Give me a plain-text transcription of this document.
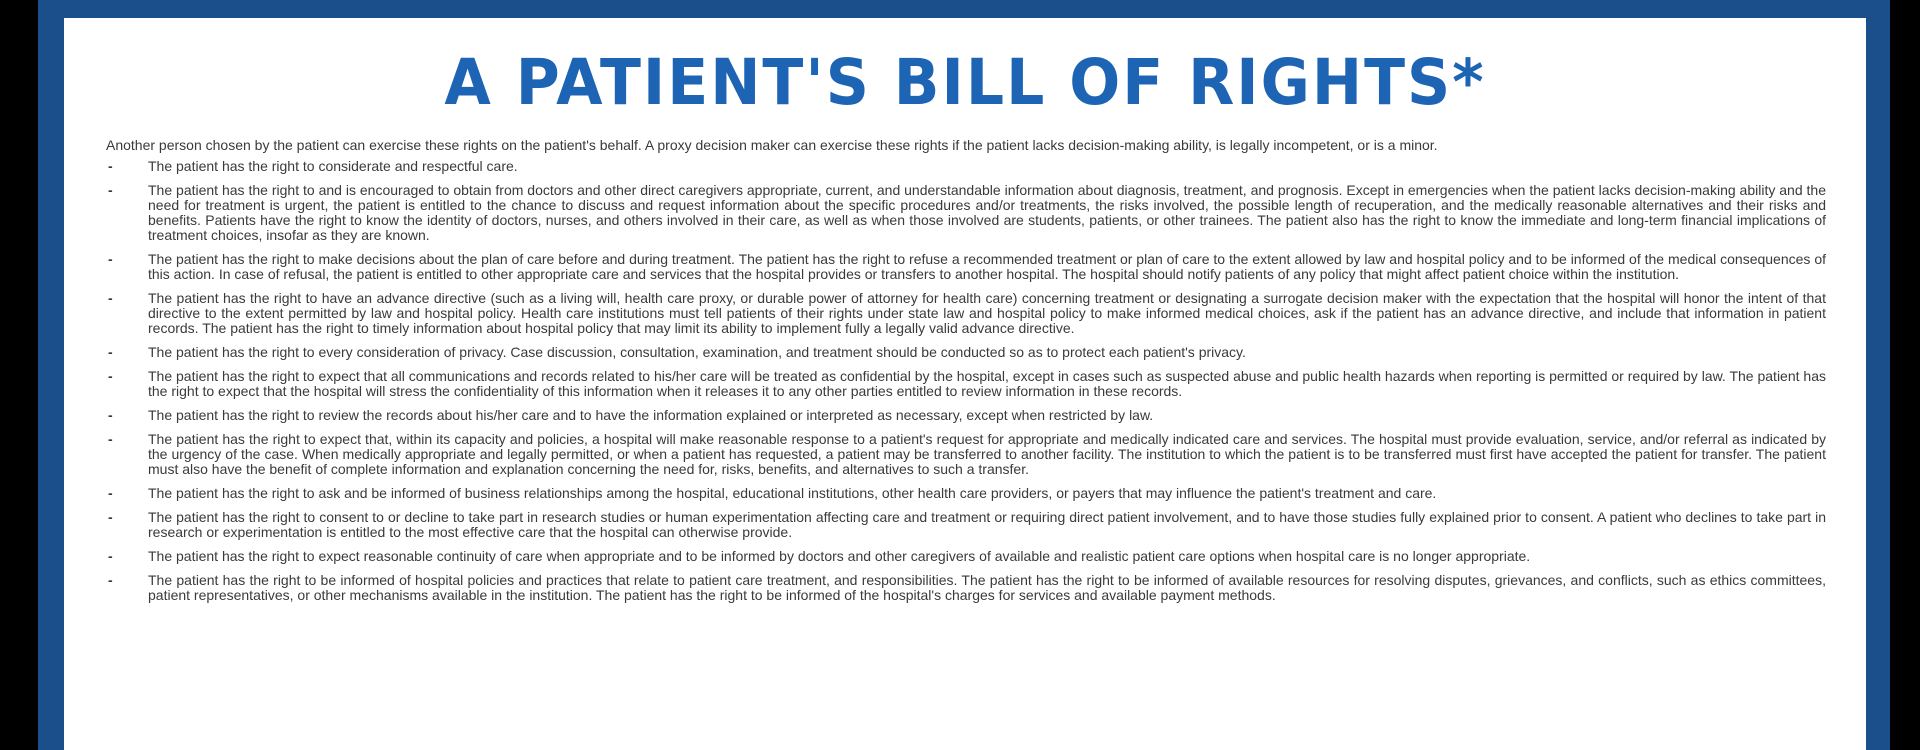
A PATIENT'S BILL OF RIGHTS*

Another person chosen by the patient can exercise these rights on the patient's behalf. A proxy decision maker can exercise these rights if the patient lacks decision-making ability, is legally incompetent, or is a minor.

-	The patient has the right to considerate and respectful care.
-	The patient has the right to and is encouraged to obtain from doctors and other direct caregivers appropriate, current, and understandable information about diagnosis, treatment, and prognosis. Except in emergencies when the patient lacks decision-making ability and the need for treatment is urgent, the patient is entitled to the chance to discuss and request information about the specific procedures and/or treatments, the risks involved, the possible length of recuperation, and the medically reasonable alternatives and their risks and benefits. Patients have the right to know the identity of doctors, nurses, and others involved in their care, as well as when those involved are students, patients, or other trainees. The patient also has the right to know the immediate and long-term financial implications of treatment choices, insofar as they are known.
-	The patient has the right to make decisions about the plan of care before and during treatment. The patient has the right to refuse a recommended treatment or plan of care to the extent allowed by law and hospital policy and to be informed of the medical consequences of this action. In case of refusal, the patient is entitled to other appropriate care and services that the hospital provides or transfers to another hospital. The hospital should notify patients of any policy that might affect patient choice within the institution.
-	The patient has the right to have an advance directive (such as a living will, health care proxy, or durable power of attorney for health care) concerning treatment or designating a surrogate decision maker with the expectation that the hospital will honor the intent of that directive to the extent permitted by law and hospital policy. Health care institutions must tell patients of their rights under state law and hospital policy to make informed medical choices, ask if the patient has an advance directive, and include that information in patient records. The patient has the right to timely information about hospital policy that may limit its ability to implement fully a legally valid advance directive.
-	The patient has the right to every consideration of privacy. Case discussion, consultation, examination, and treatment should be conducted so as to protect each patient's privacy.
-	The patient has the right to expect that all communications and records related to his/her care will be treated as confidential by the hospital, except in cases such as suspected abuse and public health hazards when reporting is permitted or required by law. The patient has the right to expect that the hospital will stress the confidentiality of this information when it releases it to any other parties entitled to review information in these records.
-	The patient has the right to review the records about his/her care and to have the information explained or interpreted as necessary, except when restricted by law.
-	The patient has the right to expect that, within its capacity and policies, a hospital will make reasonable response to a patient's request for appropriate and medically indicated care and services. The hospital must provide evaluation, service, and/or referral as indicated by the urgency of the case. When medically appropriate and legally permitted, or when a patient has requested, a patient may be transferred to another facility. The institution to which the patient is to be transferred must first have accepted the patient for transfer. The patient must also have the benefit of complete information and explanation concerning the need for, risks, benefits, and alternatives to such a transfer.
-	The patient has the right to ask and be informed of business relationships among the hospital, educational institutions, other health care providers, or payers that may influence the patient's treatment and care.
-	The patient has the right to consent to or decline to take part in research studies or human experimentation affecting care and treatment or requiring direct patient involvement, and to have those studies fully explained prior to consent. A patient who declines to take part in research or experimentation is entitled to the most effective care that the hospital can otherwise provide.
-	The patient has the right to expect reasonable continuity of care when appropriate and to be informed by doctors and other caregivers of available and realistic patient care options when hospital care is no longer appropriate.
-	The patient has the right to be informed of hospital policies and practices that relate to patient care treatment, and responsibilities. The patient has the right to be informed of available resources for resolving disputes, grievances, and conflicts, such as ethics committees, patient representatives, or other mechanisms available in the institution. The patient has the right to be informed of the hospital's charges for services and available payment methods.
